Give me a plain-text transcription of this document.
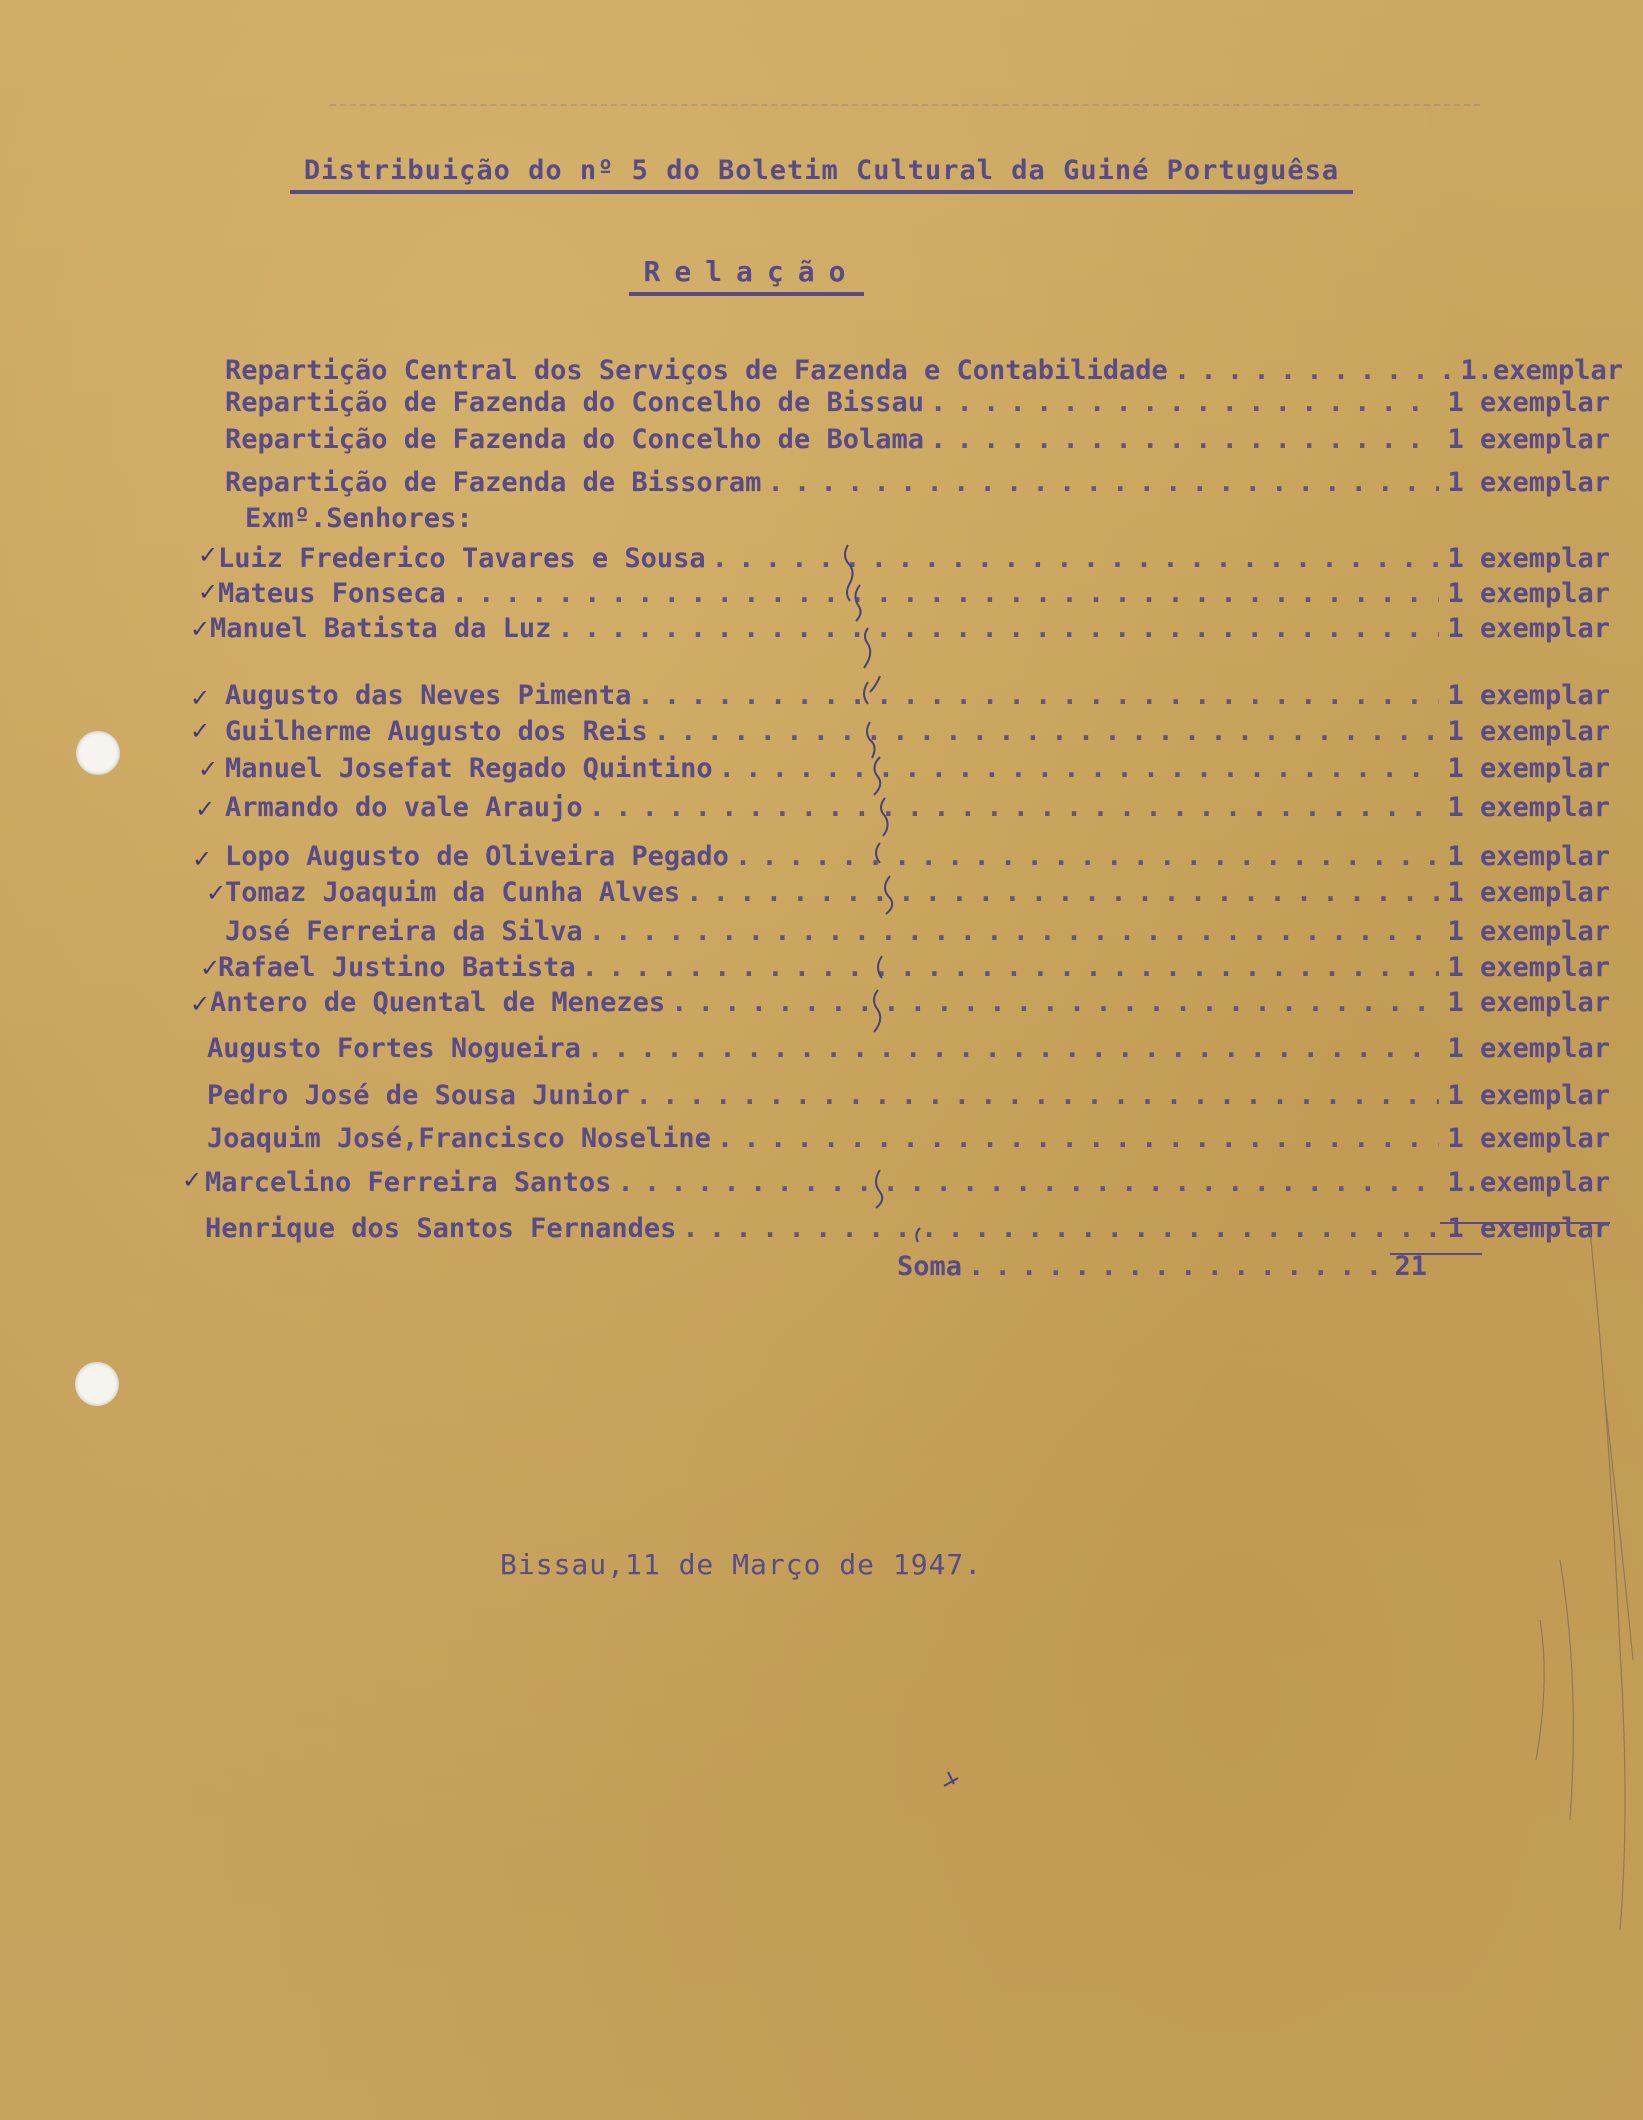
Distribuição do nº 5 do Boletim Cultural da Guiné Portuguêsa
Relação

Repartição Central dos Serviços de Fazenda e Contabilidade . . .	1.exemplar

Repartição de Fazenda do Concelho de Bissau . . .	1 exemplar

Repartição de Fazenda do Concelho de Bolama . . .	1 exemplar

Repartição de Fazenda de Bissoram . . .	1 exemplar

Exmº.Senhores:

Luiz Frederico Tavares e Sousa . . .	1 exemplar

Mateus Fonseca . . .	1 exemplar

Manuel Batista da Luz . . .	1 exemplar

Augusto das Neves Pimenta . . .	1 exemplar

Guilherme Augusto dos Reis . . .	1 exemplar

Manuel Josefat Regado Quintino . . .	1 exemplar

Armando do vale Araujo . . .	1 exemplar

Lopo Augusto de Oliveira Pegado . . .	1 exemplar

Tomaz Joaquim da Cunha Alves . . .	1 exemplar

José Ferreira da Silva . . .	1 exemplar

Rafael Justino Batista . . .	1 exemplar

Antero de Quental de Menezes . . .	1 exemplar

Augusto Fortes Nogueira . . .	1 exemplar

Pedro José de Sousa Junior . . .	1 exemplar

Joaquim José,Francisco Noseline . . .	1 exemplar

Marcelino Ferreira Santos . . .	1.exemplar

Henrique dos Santos Fernandes . . .	1 exemplar

Soma . . .	21

Bissau,11 de Março de 1947.

✓
✓
✓
✓
✓
✓
✓
✓
✓
✓
✓
✓
